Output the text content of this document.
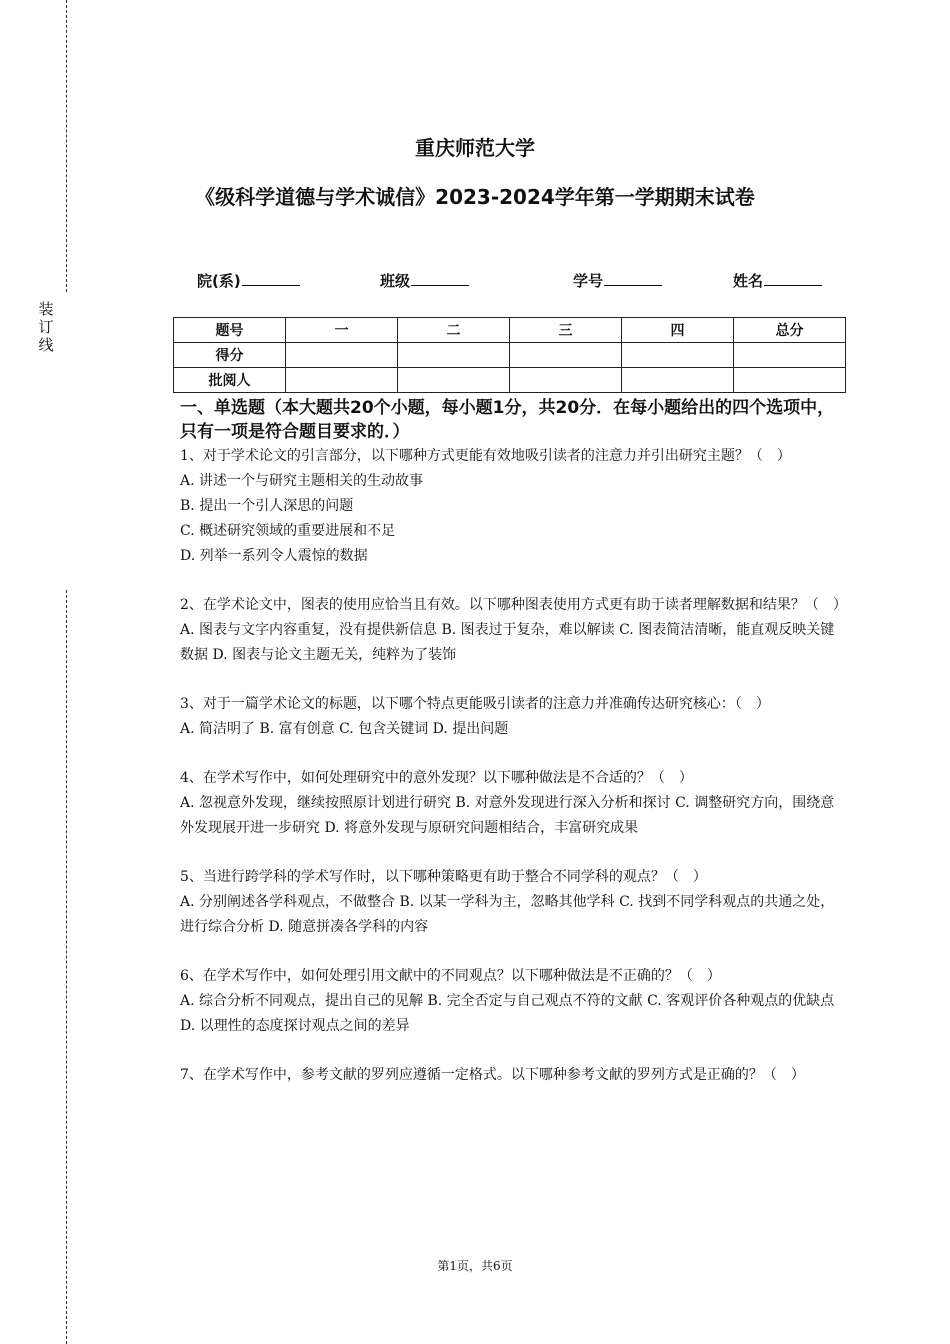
装
订
线
重庆师范大学
《级科学道德与学术诚信》2023-2024学年第一学期期末试卷
院(系)	班级	学号	姓名
题号	一	二	三	四	总分
得分					
批阅人					
一、单选题（本大题共20个小题，每小题1分，共20分．在每小题给出的四个选项中，只有一项是符合题目要求的．）

1、对于学术论文的引言部分，以下哪种方式更能有效地吸引读者的注意力并引出研究主题？（　）

A. 讲述一个与研究主题相关的生动故事

B. 提出一个引人深思的问题

C. 概述研究领域的重要进展和不足

D. 列举一系列令人震惊的数据

2、在学术论文中，图表的使用应恰当且有效。以下哪种图表使用方式更有助于读者理解数据和结果？（　）

A. 图表与文字内容重复，没有提供新信息 B. 图表过于复杂，难以解读 C. 图表简洁清晰，能直观反映关键数据 D. 图表与论文主题无关，纯粹为了装饰

3、对于一篇学术论文的标题，以下哪个特点更能吸引读者的注意力并准确传达研究核心：（　）

A. 简洁明了 B. 富有创意 C. 包含关键词 D. 提出问题

4、在学术写作中，如何处理研究中的意外发现？以下哪种做法是不合适的？（　）

A. 忽视意外发现，继续按照原计划进行研究 B. 对意外发现进行深入分析和探讨 C. 调整研究方向，围绕意外发现展开进一步研究 D. 将意外发现与原研究问题相结合，丰富研究成果

5、当进行跨学科的学术写作时，以下哪种策略更有助于整合不同学科的观点？（　）

A. 分别阐述各学科观点，不做整合 B. 以某一学科为主，忽略其他学科 C. 找到不同学科观点的共通之处，进行综合分析 D. 随意拼凑各学科的内容

6、在学术写作中，如何处理引用文献中的不同观点？以下哪种做法是不正确的？（　）

A. 综合分析不同观点，提出自己的见解 B. 完全否定与自己观点不符的文献 C. 客观评价各种观点的优缺点 D. 以理性的态度探讨观点之间的差异

7、在学术写作中，参考文献的罗列应遵循一定格式。以下哪种参考文献的罗列方式是正确的？（　）

第1页，共6页
